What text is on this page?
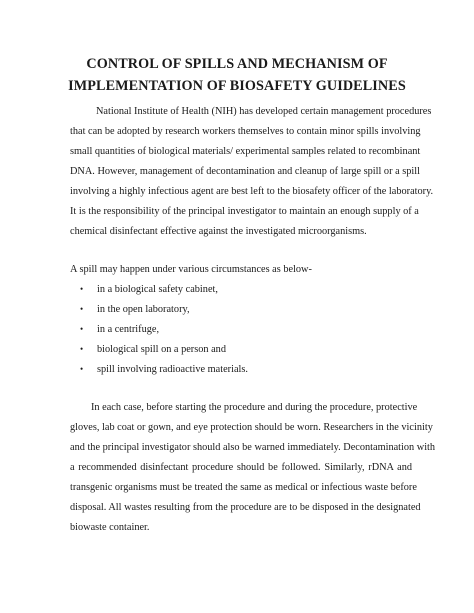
CONTROL OF SPILLS AND MECHANISM OF
IMPLEMENTATION OF BIOSAFETY GUIDELINES
National Institute of Health (NIH) has developed certain management procedures
that can be adopted by research workers themselves to contain minor spills involving
small quantities of biological materials/ experimental samples related to recombinant
DNA. However, management of decontamination and cleanup of large spill or a spill
involving a highly infectious agent are best left to the biosafety officer of the laboratory.
It is the responsibility of the principal investigator to maintain an enough supply of a
chemical disinfectant effective against the investigated microorganisms.
A spill may happen under various circumstances as below-
• in a biological safety cabinet,
• in the open laboratory,
• in a centrifuge,
• biological spill on a person and
• spill involving radioactive materials.
In each case, before starting the procedure and during the procedure, protective
gloves, lab coat or gown, and eye protection should be worn. Researchers in the vicinity
and the principal investigator should also be warned immediately. Decontamination with
a recommended disinfectant procedure should be followed. Similarly, rDNA and
transgenic organisms must be treated the same as medical or infectious waste before
disposal. All wastes resulting from the procedure are to be disposed in the designated
biowaste container.
